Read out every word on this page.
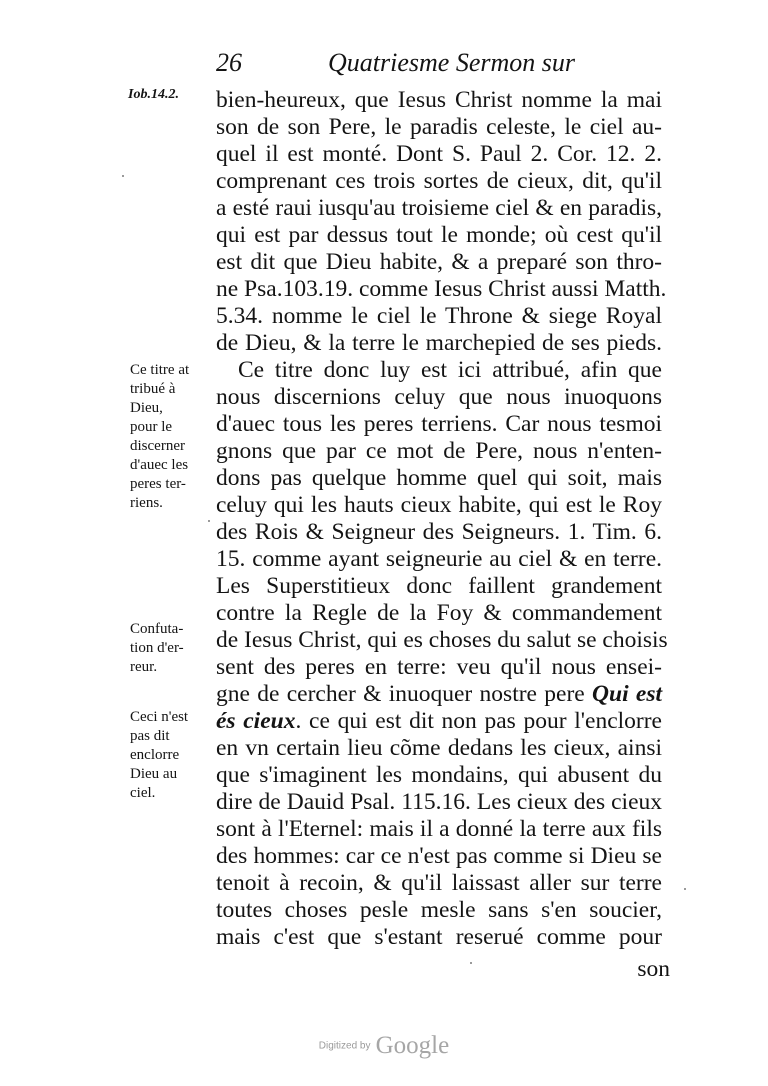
26	Quatriesme Sermon sur
Iob.14.2. bien-heureux, que Iesus Christ nomme la mai
son de son Pere, le paradis celeste, le ciel au-
quel il est monté. Dont S. Paul 2. Cor. 12. 2.
comprenant ces trois sortes de cieux, dit, qu'il
a esté raui iusqu'au troisieme ciel & en paradis,
qui est par dessus tout le monde; où cest qu'il
est dit que Dieu habite, & a preparé son thro-
ne Psa.103.19. comme Iesus Christ aussi Matth.
5.34. nomme le ciel le Throne & siege Royal
de Dieu, & la terre le marchepied de ses pieds.
Ce titre donc luy est ici attribué, afin que
nous discernions celuy que nous inuoquons
d'auec tous les peres terriens. Car nous tesmoi
gnons que par ce mot de Pere, nous n'enten-
dons pas quelque homme quel qui soit, mais
celuy qui les hauts cieux habite, qui est le Roy
des Rois & Seigneur des Seigneurs. 1. Tim. 6.
15. comme ayant seigneurie au ciel & en terre.
Les Superstitieux donc faillent grandement
contre la Regle de la Foy & commandement
de Iesus Christ, qui es choses du salut se choisis
sent des peres en terre: veu qu'il nous ensei-
gne de cercher & inuoquer nostre pere Qui est
és cieux. ce qui est dit non pas pour l'enclorre
en vn certain lieu cõme dedans les cieux, ainsi
que s'imaginent les mondains, qui abusent du
dire de Dauid Psal. 115.16. Les cieux des cieux
sont à l'Eternel: mais il a donné la terre aux fils
des hommes: car ce n'est pas comme si Dieu se
tenoit à recoin, & qu'il laissast aller sur terre
toutes choses pesle mesle sans s'en soucier,
mais c'est que s'estant reserué comme pour
son
Ce titre at
tribué à
Dieu,
pour le
discerner
d'auec les
peres ter-
riens.
Confuta-
tion d'er-
reur.
Ceci n'est
pas dit
enclorre
Dieu au
ciel.
Digitized by Google
